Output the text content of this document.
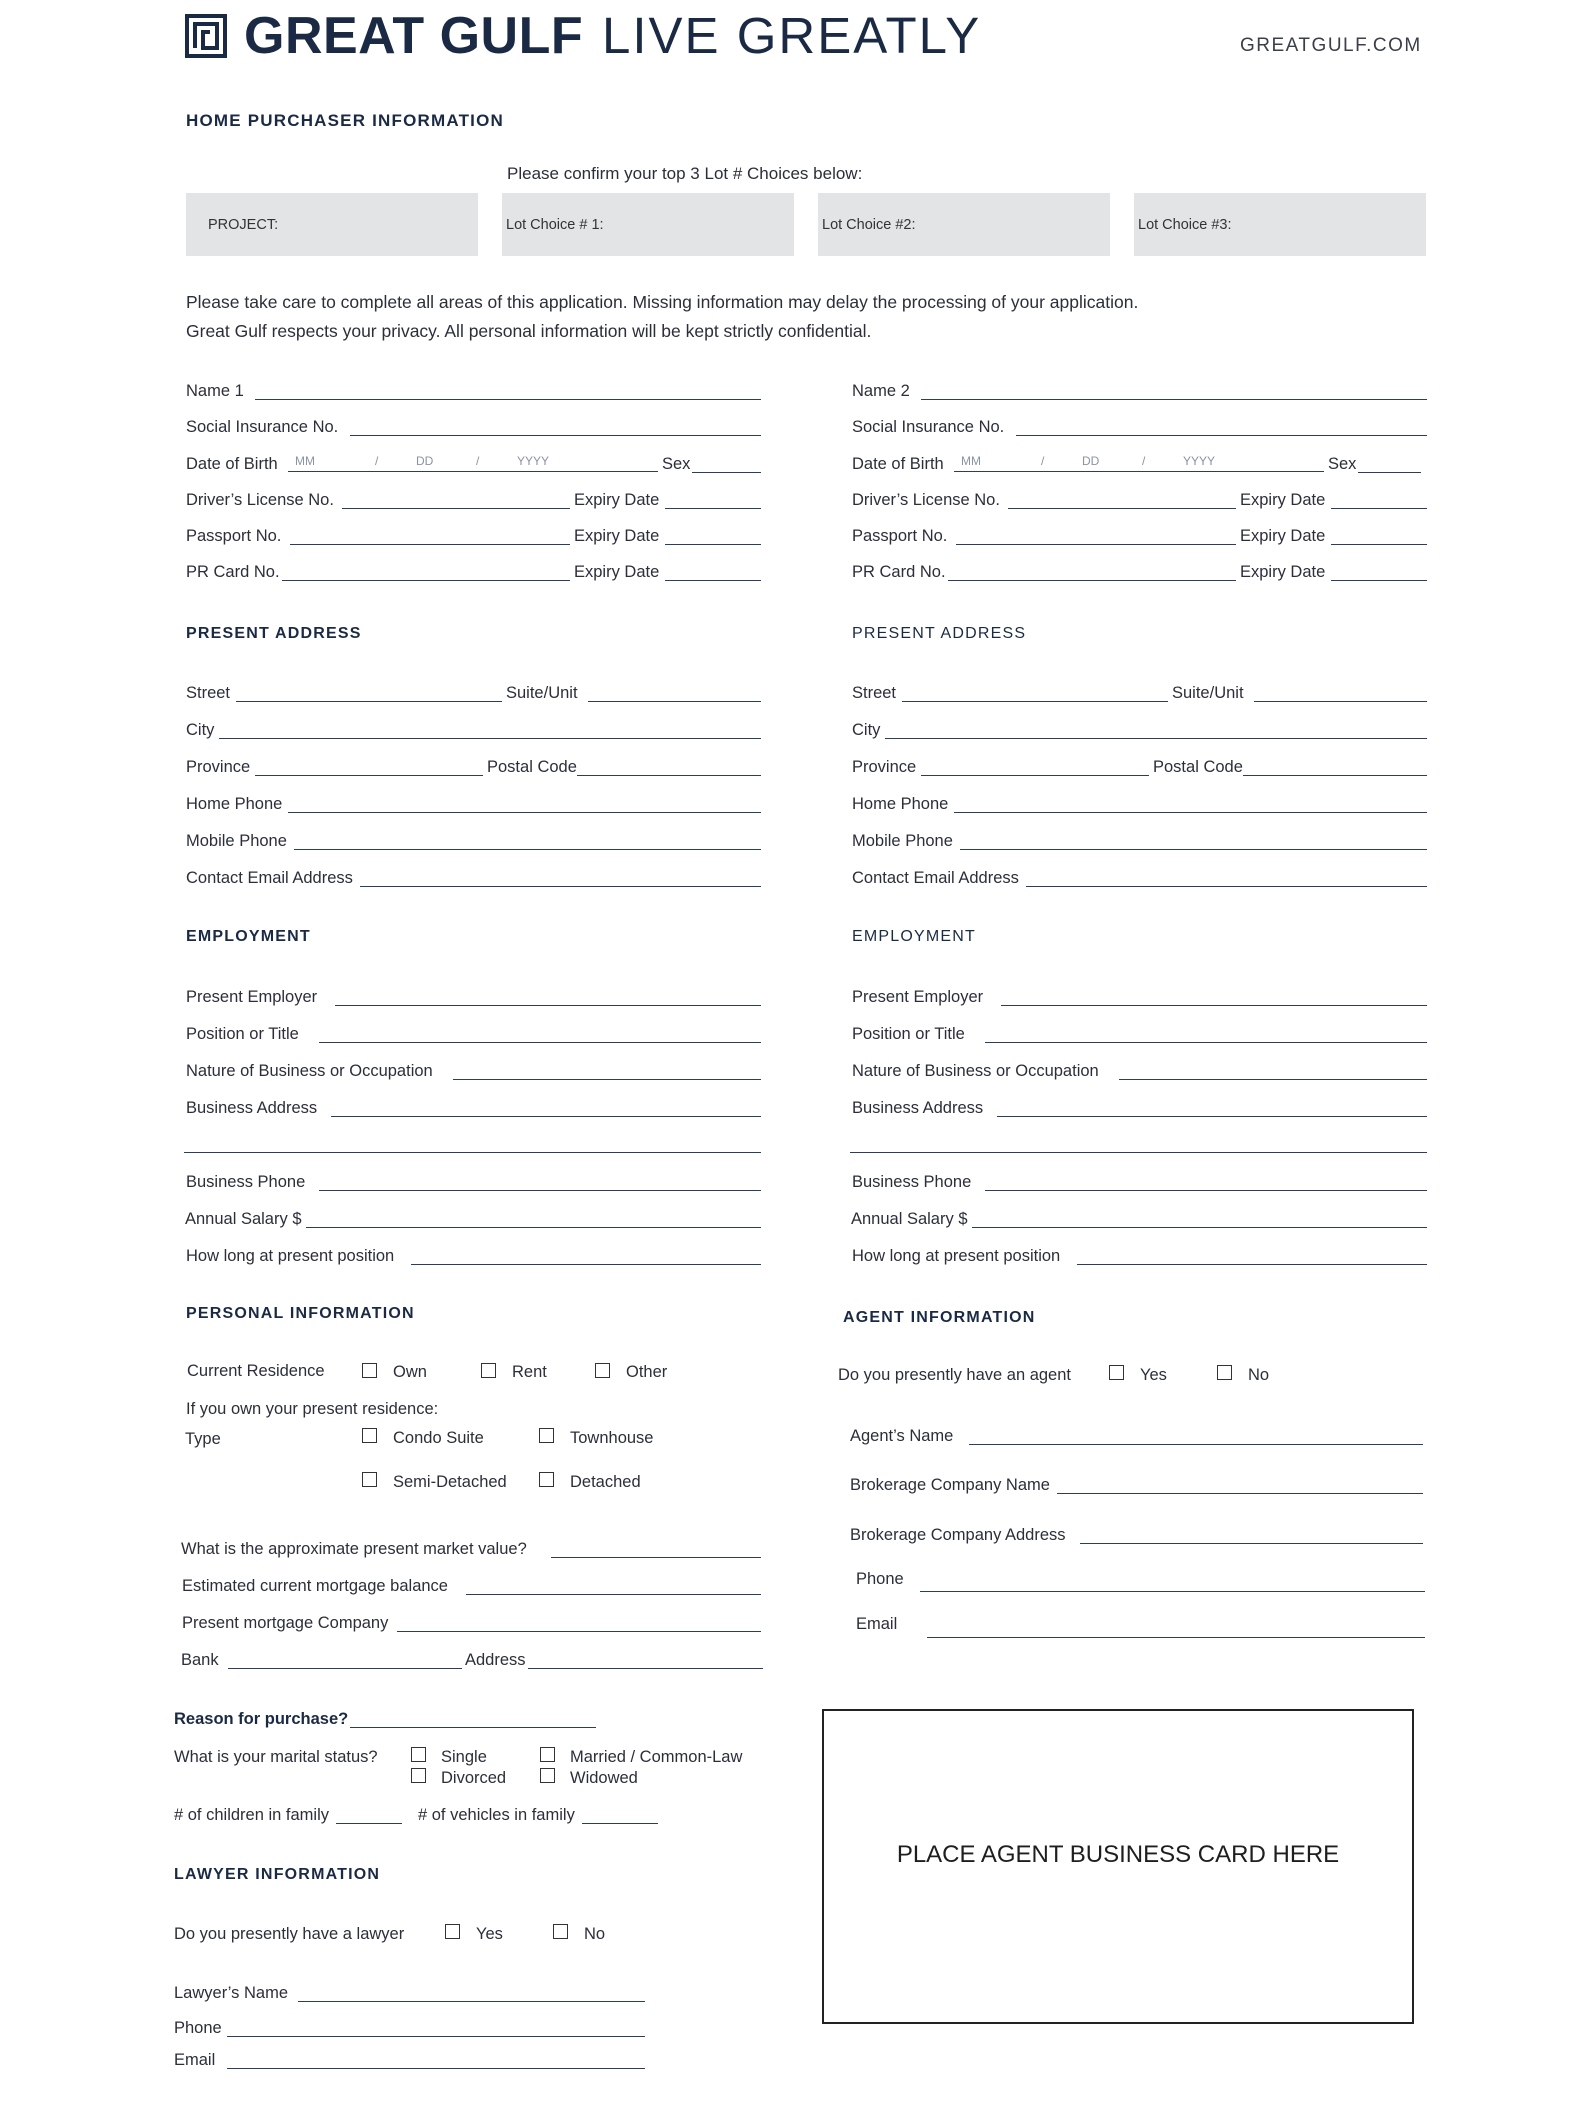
GREAT GULF LIVE GREATLY	GREATGULF.COM
HOME PURCHASER INFORMATION
Please confirm your top 3 Lot # Choices below:
PROJECT:	Lot Choice # 1:	Lot Choice #2:	Lot Choice #3:
Please take care to complete all areas of this application. Missing information may delay the processing of your application.
Great Gulf respects your privacy. All personal information will be kept strictly confidential.
Name 1
Social Insurance No.
Date of Birth MM	/	DD	/	YYYY	Sex
Driver’s License No.	Expiry Date
Passport No.	Expiry Date
PR Card No.	Expiry Date
Name 2
Social Insurance No.
Date of Birth MM	/	DD	/	YYYY	Sex
Driver’s License No.	Expiry Date
Passport No.	Expiry Date
PR Card No.	Expiry Date
PRESENT ADDRESS
Street	Suite/Unit
City
Province	Postal Code
Home Phone
Mobile Phone
Contact Email Address
PRESENT ADDRESS
Street	Suite/Unit
City
Province	Postal Code
Home Phone
Mobile Phone
Contact Email Address
EMPLOYMENT
Present Employer
Position or Title
Nature of Business or Occupation
Business Address
Business Phone
Annual Salary $
How long at present position
EMPLOYMENT
Present Employer
Position or Title
Nature of Business or Occupation
Business Address
Business Phone
Annual Salary $
How long at present position
PERSONAL INFORMATION
Current Residence	Own	Rent	Other
If you own your present residence:
Type	Condo Suite	Townhouse
Semi-Detached	Detached
What is the approximate present market value?
Estimated current mortgage balance
Present mortgage Company
Bank	Address
Reason for purchase?
What is your marital status?	Single	Married / Common-Law
Divorced	Widowed
# of children in family	# of vehicles in family
LAWYER INFORMATION
Do you presently have a lawyer	Yes	No
Lawyer’s Name
Phone
Email
AGENT INFORMATION
Do you presently have an agent	Yes	No
Agent’s Name
Brokerage Company Name
Brokerage Company Address
Phone
Email
PLACE AGENT BUSINESS CARD HERE
